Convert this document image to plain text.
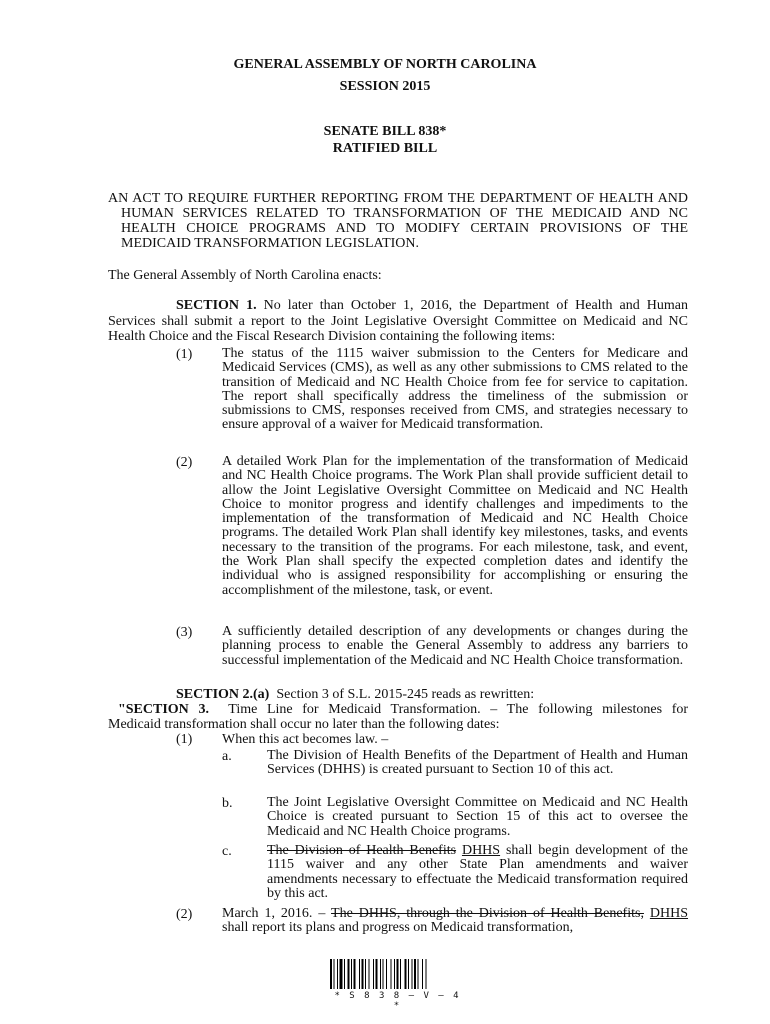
GENERAL ASSEMBLY OF NORTH CAROLINA
SESSION 2015
SENATE BILL 838*
RATIFIED BILL

AN ACT TO REQUIRE FURTHER REPORTING FROM THE DEPARTMENT OF HEALTH AND HUMAN SERVICES RELATED TO TRANSFORMATION OF THE MEDICAID AND NC HEALTH CHOICE PROGRAMS AND TO MODIFY CERTAIN PROVISIONS OF THE MEDICAID TRANSFORMATION LEGISLATION.

The General Assembly of North Carolina enacts:
SECTION 1. No later than October 1, 2016, the Department of Health and Human Services shall submit a report to the Joint Legislative Oversight Committee on Medicaid and NC Health Choice and the Fiscal Research Division containing the following items:
(1) The status of the 1115 waiver submission to the Centers for Medicare and Medicaid Services (CMS), as well as any other submissions to CMS related to the transition of Medicaid and NC Health Choice from fee for service to capitation. The report shall specifically address the timeliness of the submission or submissions to CMS, responses received from CMS, and strategies necessary to ensure approval of a waiver for Medicaid transformation.
(2) A detailed Work Plan for the implementation of the transformation of Medicaid and NC Health Choice programs. The Work Plan shall provide sufficient detail to allow the Joint Legislative Oversight Committee on Medicaid and NC Health Choice to monitor progress and identify challenges and impediments to the implementation of the transformation of Medicaid and NC Health Choice programs. The detailed Work Plan shall identify key milestones, tasks, and events necessary to the transition of the programs. For each milestone, task, and event, the Work Plan shall specify the expected completion dates and identify the individual who is assigned responsibility for accomplishing or ensuring the accomplishment of the milestone, task, or event.
(3) A sufficiently detailed description of any developments or changes during the planning process to enable the General Assembly to address any barriers to successful implementation of the Medicaid and NC Health Choice transformation.
SECTION 2.(a) Section 3 of S.L. 2015-245 reads as rewritten:
"SECTION 3. Time Line for Medicaid Transformation. – The following milestones for
Medicaid transformation shall occur no later than the following dates:
(1) When this act becomes law. –
a.	The Division of Health Benefits of the Department of Health and Human Services (DHHS) is created pursuant to Section 10 of this act.
b. The Joint Legislative Oversight Committee on Medicaid and NC Health Choice is created pursuant to Section 15 of this act to oversee the Medicaid and NC Health Choice programs.
c.	The Division of Health Benefits DHHS shall begin development of the 1115 waiver and any other State Plan amendments and waiver amendments necessary to effectuate the Medicaid transformation required by this act.
(2) March 1, 2016. – The DHHS, through the Division of Health Benefits, DHHS shall report its plans and progress on Medicaid transformation,
* S 8 3 8 – V – 4 *
